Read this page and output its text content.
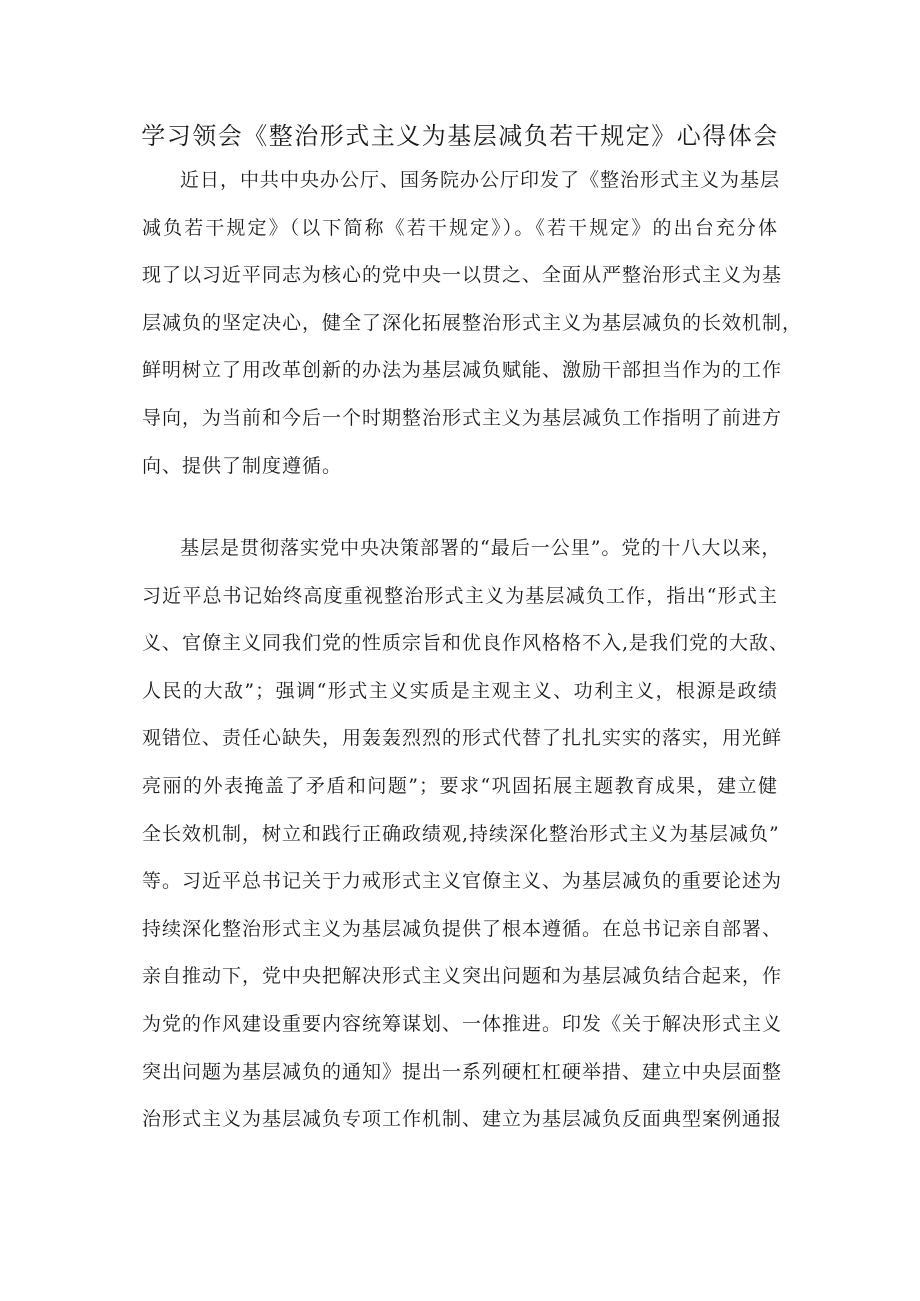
学习领会《整治形式主义为基层减负若干规定》心得体会
近日，中共中央办公厅、国务院办公厅印发了《整治形式主义为基层
减负若干规定》（以下简称《若干规定》）。《若干规定》的出台充分体
现了以习近平同志为核心的党中央一以贯之、全面从严整治形式主义为基
层减负的坚定决心，健全了深化拓展整治形式主义为基层减负的长效机制，
鲜明树立了用改革创新的办法为基层减负赋能、激励干部担当作为的工作
导向，为当前和今后一个时期整治形式主义为基层减负工作指明了前进方
向、提供了制度遵循。
基层是贯彻落实党中央决策部署的“最后一公里”。党的十八大以来，
习近平总书记始终高度重视整治形式主义为基层减负工作，指出“形式主
义、官僚主义同我们党的性质宗旨和优良作风格格不入,是我们党的大敌、
人民的大敌”；强调“形式主义实质是主观主义、功利主义，根源是政绩
观错位、责任心缺失，用轰轰烈烈的形式代替了扎扎实实的落实，用光鲜
亮丽的外表掩盖了矛盾和问题”；要求“巩固拓展主题教育成果，建立健
全长效机制，树立和践行正确政绩观,持续深化整治形式主义为基层减负”
等。习近平总书记关于力戒形式主义官僚主义、为基层减负的重要论述为
持续深化整治形式主义为基层减负提供了根本遵循。在总书记亲自部署、
亲自推动下，党中央把解决形式主义突出问题和为基层减负结合起来，作
为党的作风建设重要内容统筹谋划、一体推进。印发《关于解决形式主义
突出问题为基层减负的通知》提出一系列硬杠杠硬举措、建立中央层面整
治形式主义为基层减负专项工作机制、建立为基层减负反面典型案例通报
